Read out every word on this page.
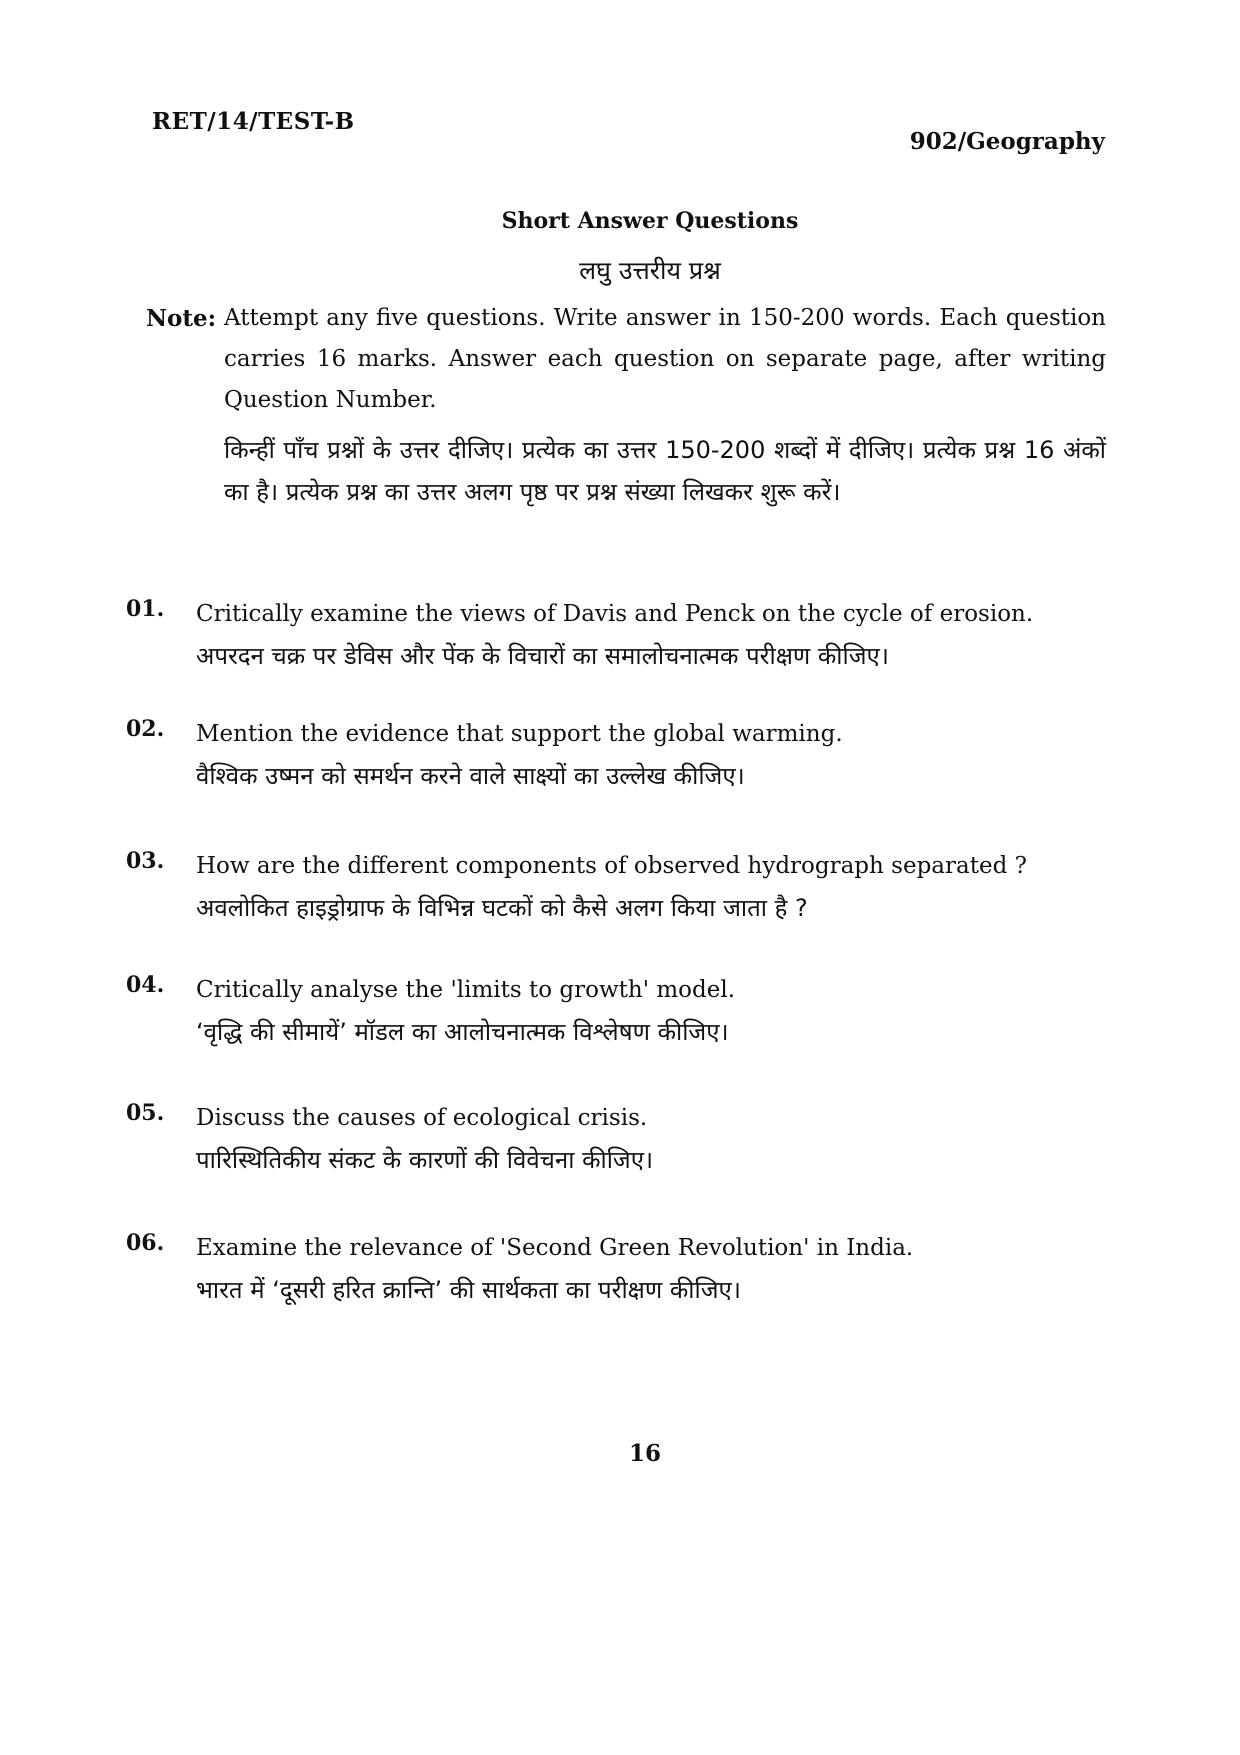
RET/14/TEST-B
902/Geography
Short Answer Questions
लघु उत्तरीय प्रश्न
Note: Attempt any five questions. Write answer in 150-200 words. Each question carries 16 marks. Answer each question on separate page, after writing Question Number.
किन्हीं पाँच प्रश्नों के उत्तर दीजिए। प्रत्येक का उत्तर 150-200 शब्दों में दीजिए। प्रत्येक प्रश्न 16 अंकों का है। प्रत्येक प्रश्न का उत्तर अलग पृष्ठ पर प्रश्न संख्या लिखकर शुरू करें।
01. Critically examine the views of Davis and Penck on the cycle of erosion.
अपरदन चक्र पर डेविस और पेंक के विचारों का समालोचनात्मक परीक्षण कीजिए।
02. Mention the evidence that support the global warming.
वैश्विक उष्मन को समर्थन करने वाले साक्ष्यों का उल्लेख कीजिए।
03. How are the different components of observed hydrograph separated ?
अवलोकित हाइड्रोग्राफ के विभिन्न घटकों को कैसे अलग किया जाता है ?
04. Critically analyse the 'limits to growth' model.
‘वृद्धि की सीमायें’ मॉडल का आलोचनात्मक विश्लेषण कीजिए।
05. Discuss the causes of ecological crisis.
पारिस्थितिकीय संकट के कारणों की विवेचना कीजिए।
06. Examine the relevance of 'Second Green Revolution' in India.
भारत में ‘दूसरी हरित क्रान्ति’ की सार्थकता का परीक्षण कीजिए।
16
